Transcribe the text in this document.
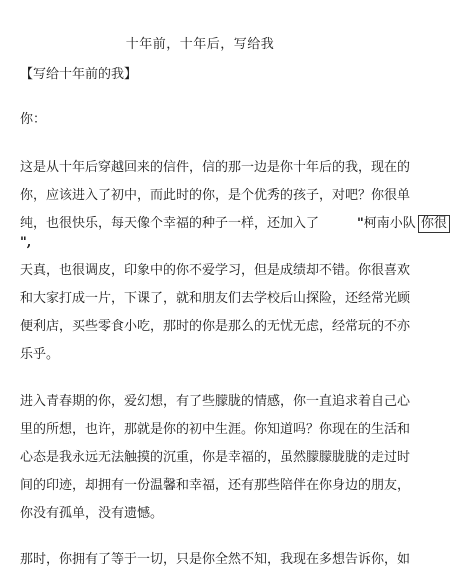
十年前，十年后，写给我
【写给十年前的我】
你：
这是从十年后穿越回来的信件，信的那一边是你十年后的我，现在的
你，应该进入了初中，而此时的你，是个优秀的孩子，对吧？你很单
纯，也很快乐，每天像个幸福的种子一样，还加入了	"柯南小队 你很
",
天真，也很调皮，印象中的你不爱学习，但是成绩却不错。你很喜欢
和大家打成一片，下课了，就和朋友们去学校后山探险，还经常光顾
便利店，买些零食小吃，那时的你是那么的无忧无虑，经常玩的不亦
乐乎。
进入青春期的你，爱幻想，有了些朦胧的情感，你一直追求着自己心
里的所想，也许，那就是你的初中生涯。你知道吗？你现在的生活和
心态是我永远无法触摸的沉重，你是幸福的，虽然朦朦胧胧的走过时
间的印迹，却拥有一份温馨和幸福，还有那些陪伴在你身边的朋友，
你没有孤单，没有遗憾。
那时，你拥有了等于一切，只是你全然不知，我现在多想告诉你，如
